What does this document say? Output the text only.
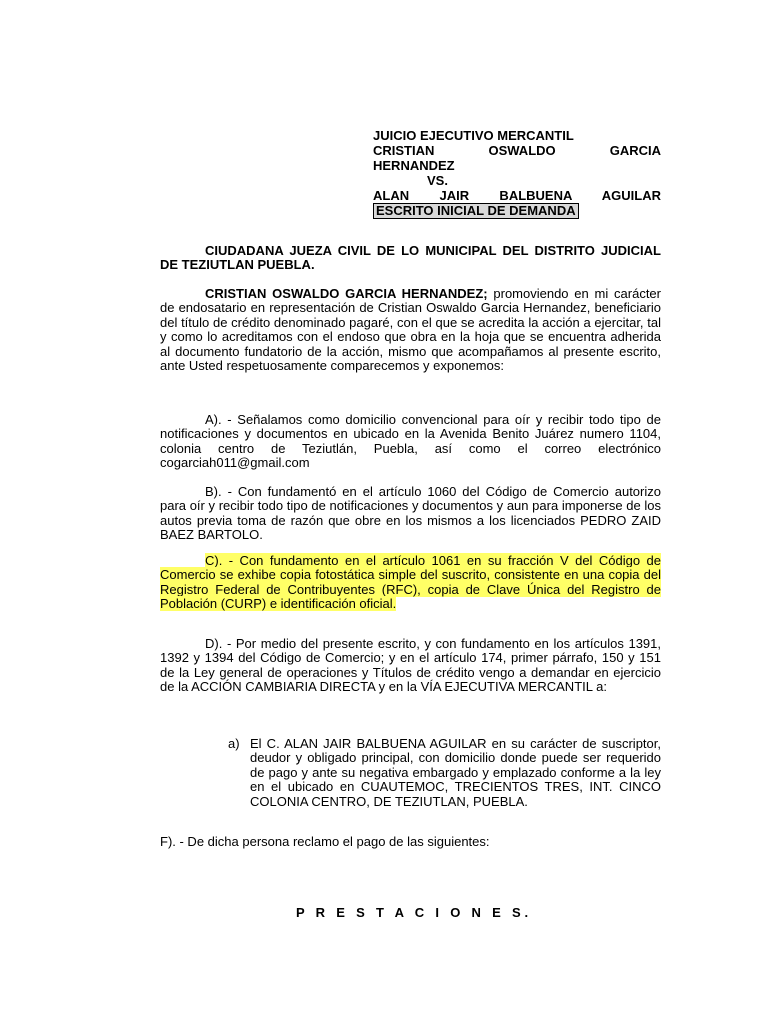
JUICIO EJECUTIVO MERCANTIL
CRISTIAN OSWALDO GARCIA
HERNANDEZ
VS.
ALAN JAIR BALBUENA AGUILAR
ESCRITO INICIAL DE DEMANDA
CIUDADANA JUEZA CIVIL DE LO MUNICIPAL DEL DISTRITO JUDICIAL DE TEZIUTLAN PUEBLA.
CRISTIAN OSWALDO GARCIA HERNANDEZ; promoviendo en mi carácter de endosatario en representación de Cristian Oswaldo Garcia Hernandez, beneficiario del título de crédito denominado pagaré, con el que se acredita la acción a ejercitar, tal y como lo acreditamos con el endoso que obra en la hoja que se encuentra adherida al documento fundatorio de la acción, mismo que acompañamos al presente escrito, ante Usted respetuosamente comparecemos y exponemos:
A). - Señalamos como domicilio convencional para oír y recibir todo tipo de notificaciones y documentos en ubicado en la Avenida Benito Juárez numero 1104, colonia centro de Teziutlán, Puebla, así como el correo electrónico cogarciah011@gmail.com
B). - Con fundamentó en el artículo 1060 del Código de Comercio autorizo para oír y recibir todo tipo de notificaciones y documentos y aun para imponerse de los autos previa toma de razón que obre en los mismos a los licenciados PEDRO ZAID BAEZ BARTOLO.
C). - Con fundamento en el artículo 1061 en su fracción V del Código de Comercio se exhibe copia fotostática simple del suscrito, consistente en una copia del Registro Federal de Contribuyentes (RFC), copia de Clave Única del Registro de Población (CURP) e identificación oficial.
D). - Por medio del presente escrito, y con fundamento en los artículos 1391, 1392 y 1394 del Código de Comercio; y en el artículo 174, primer párrafo, 150 y 151 de la Ley general de operaciones y Títulos de crédito vengo a demandar en ejercicio de la ACCIÓN CAMBIARIA DIRECTA y en la VÍA EJECUTIVA MERCANTIL a:
a) El C. ALAN JAIR BALBUENA AGUILAR en su carácter de suscriptor, deudor y obligado principal, con domicilio donde puede ser requerido de pago y ante su negativa embargado y emplazado conforme a la ley en el ubicado en CUAUTEMOC, TRECIENTOS TRES, INT. CINCO COLONIA CENTRO, DE TEZIUTLAN, PUEBLA.
F). - De dicha persona reclamo el pago de las siguientes:
P R E S T A C I O N E S.
